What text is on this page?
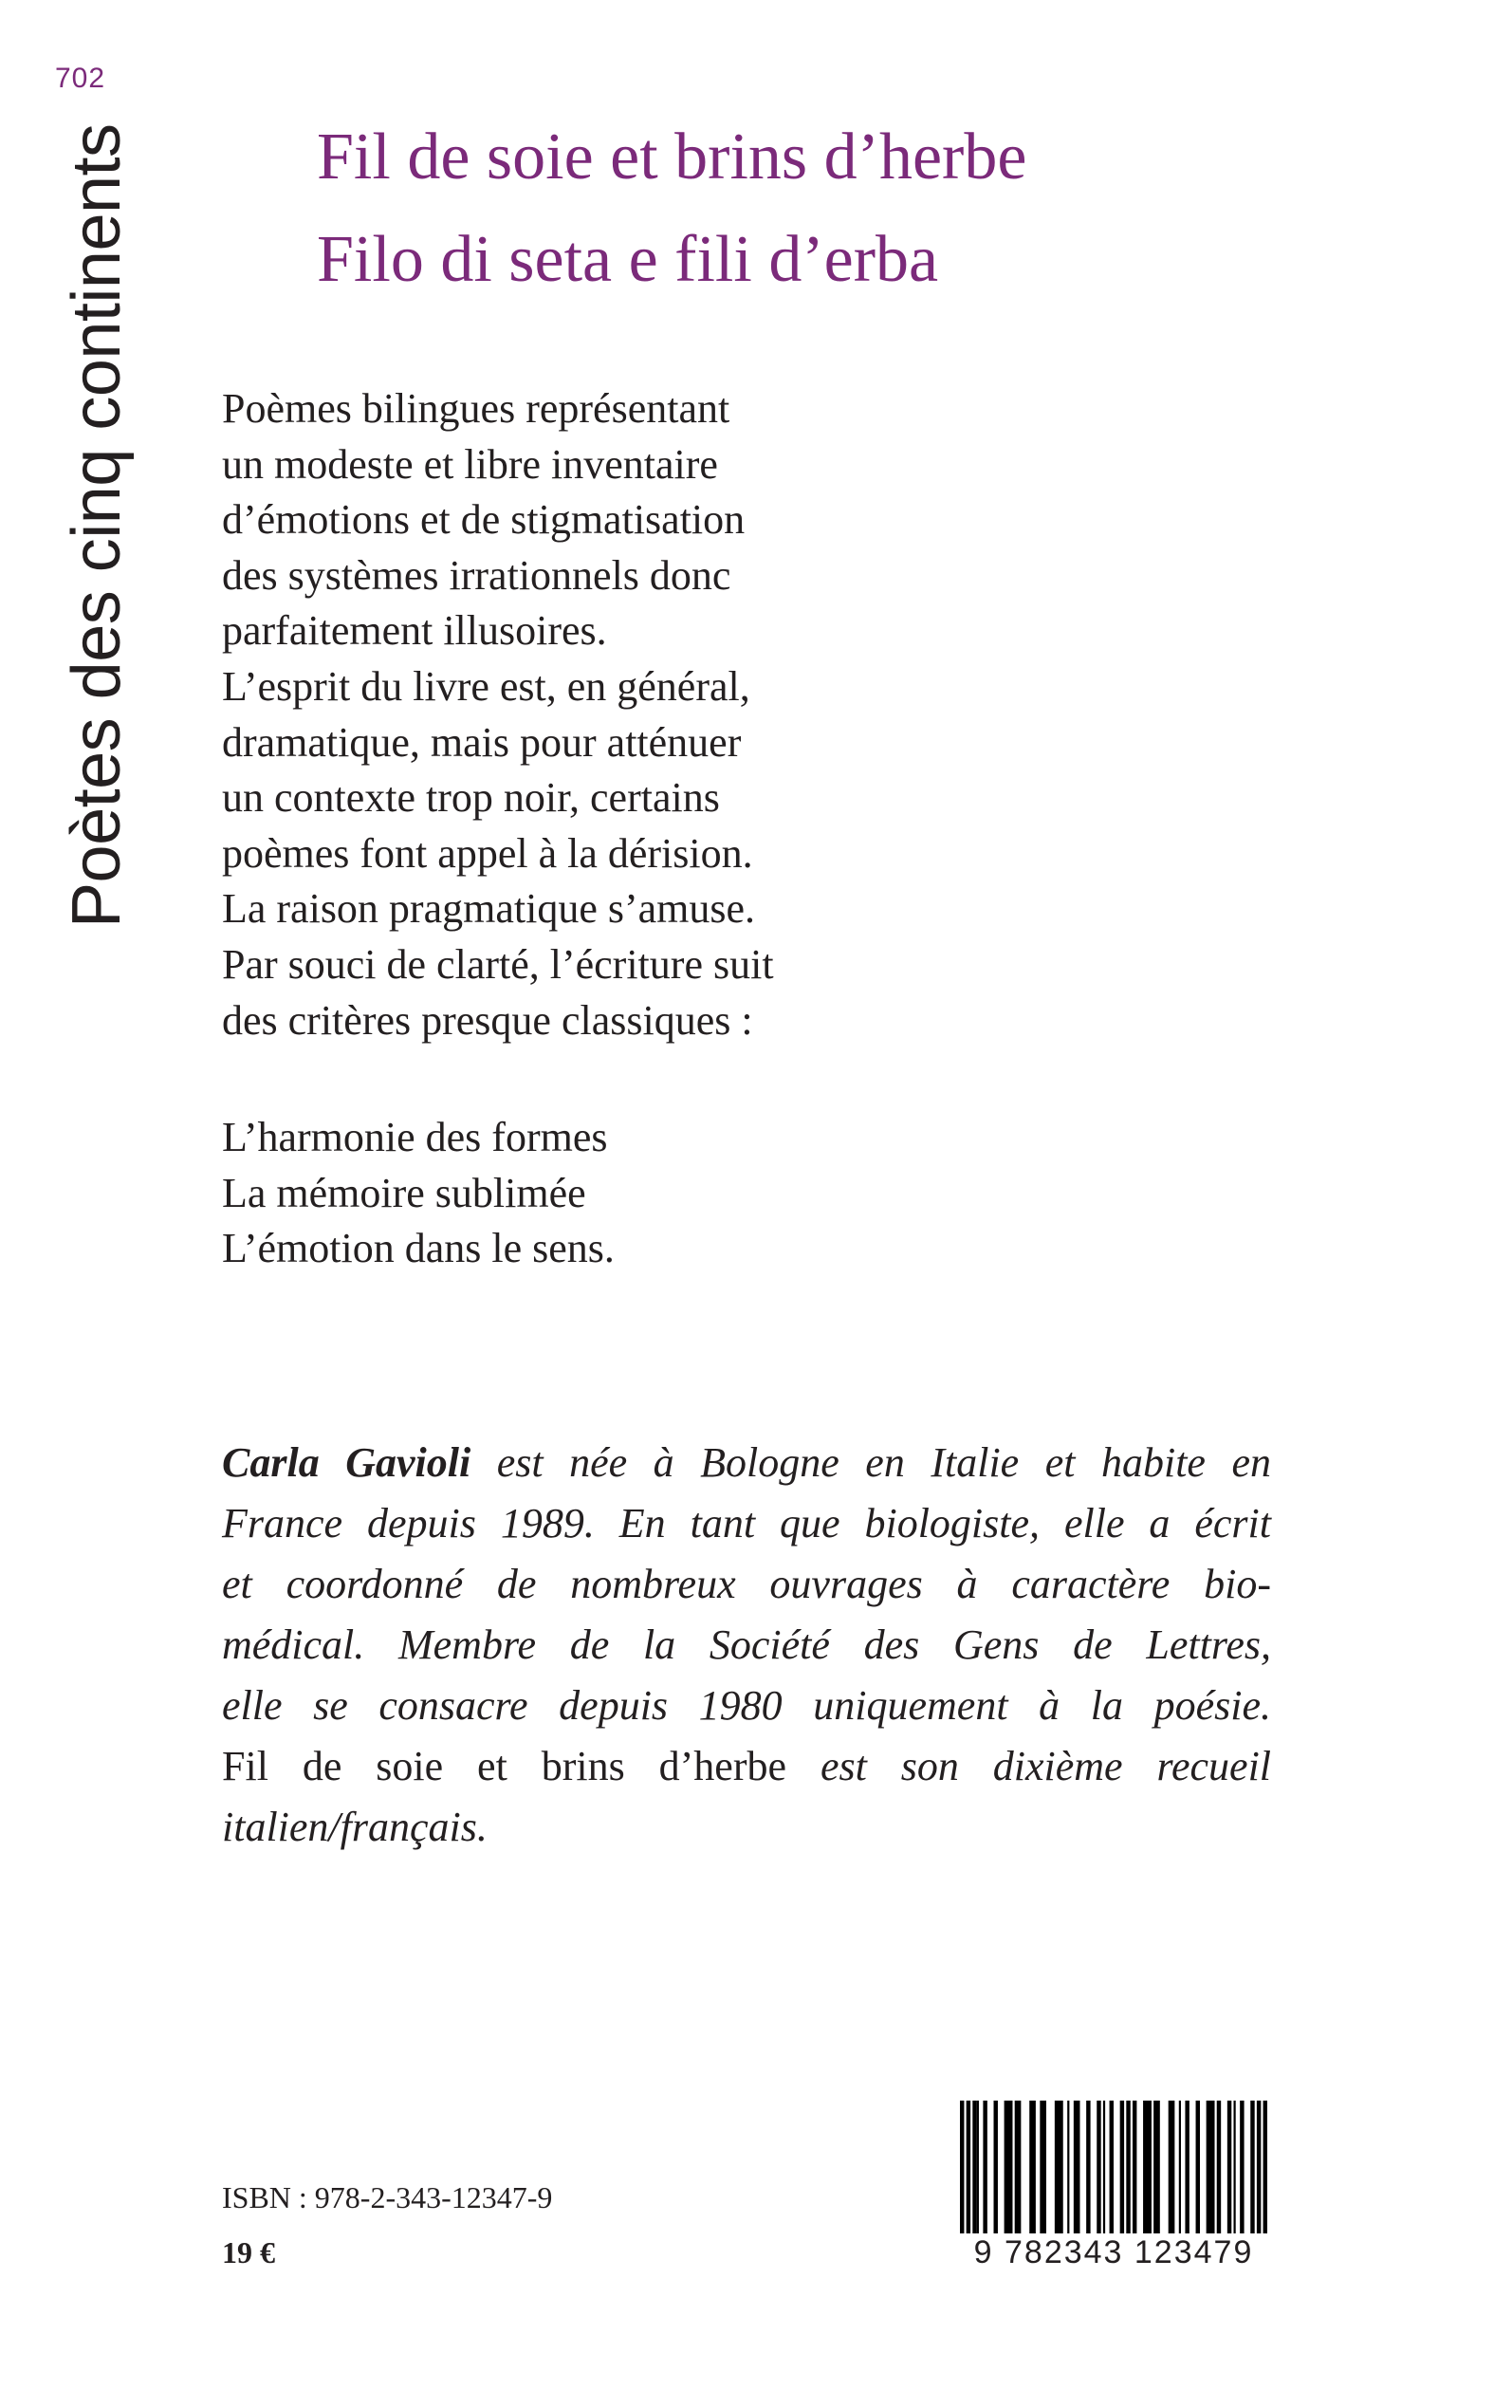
702
Poètes des cinq continents	Fil de soie et brins d’herbe
Filo di seta e fili d’erba
Poèmes bilingues représentant
un modeste et libre inventaire
d’émotions et de stigmatisation
des systèmes irrationnels donc
parfaitement illusoires.
L’esprit du livre est, en général,
dramatique, mais pour atténuer
un contexte trop noir, certains
poèmes font appel à la dérision.
La raison pragmatique s’amuse.
Par souci de clarté, l’écriture suit
des critères presque classiques :
L’harmonie des formes
La mémoire sublimée
L’émotion dans le sens.
Carla Gavioli est née à Bologne en Italie et habite en
France depuis 1989. En tant que biologiste, elle a écrit
et coordonné de nombreux ouvrages à caractère bio-
médical. Membre de la Société des Gens de Lettres,
elle se consacre depuis 1980 uniquement à la poésie.
Fil de soie et brins d’herbe est son dixième recueil
italien/français.
ISBN : 978-2-343-12347-9
19 €	9 782343 123479
